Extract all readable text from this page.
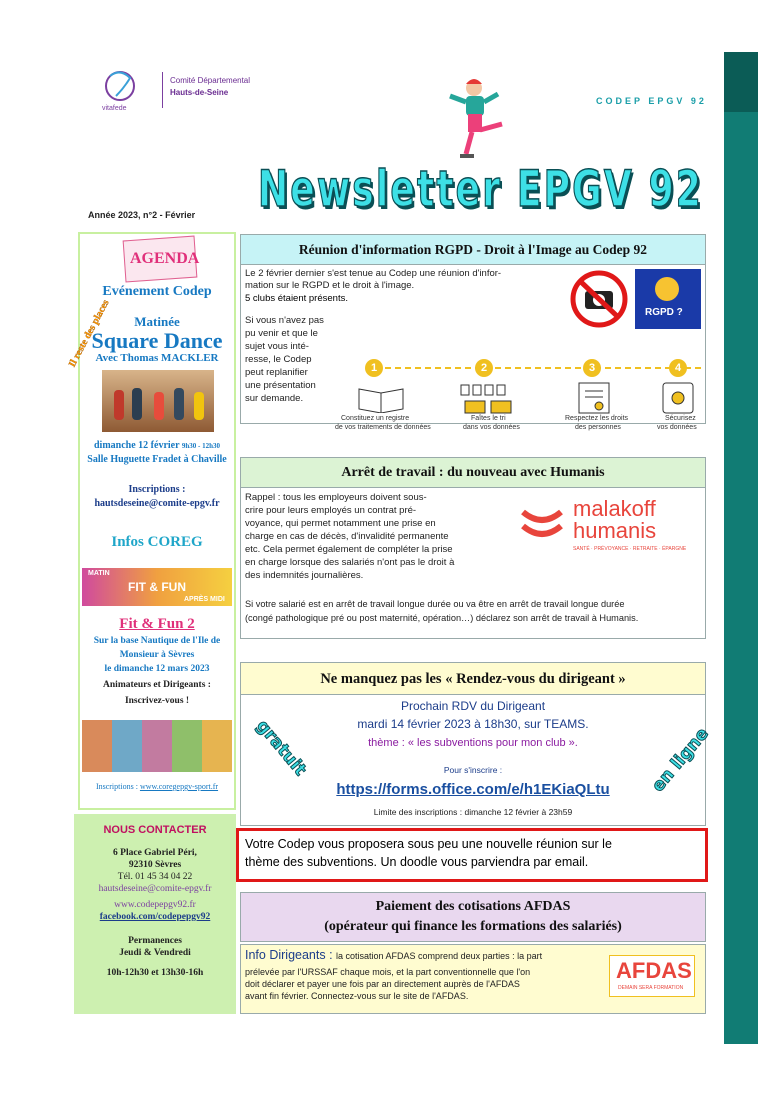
vitafede
Comité Départemental
Hauts-de-Seine
CODEP EPGV 92
Newsletter EPGV 92
Année 2023, n°2 - Février
AGENDA
Evénement Codep
Il reste des places	Matinée
Square Dance
Avec Thomas MACKLER
dimanche 12 février 9h30 - 12h30
Salle Huguette Fradet à Chaville
Inscriptions :
hautsdeseine@comite-epgv.fr
Infos COREG
MATIN
FIT & FUN
APRÈS MIDI
Fit & Fun 2
Sur la base Nautique de l'Ile de
Monsieur à Sèvres
le dimanche 12 mars 2023
Animateurs et Dirigeants :
Inscrivez-vous !
Inscriptions : www.coregepgv-sport.fr
NOUS CONTACTER
6 Place Gabriel Péri,
92310 Sèvres
Tél. 01 45 34 04 22
hautsdeseine@comite-epgv.fr
www.codepepgv92.fr
facebook.com/codepepgv92
Permanences
Jeudi & Vendredi
10h-12h30 et 13h30-16h
Réunion d'information RGPD - Droit à l'Image au Codep 92
Le 2 février dernier s'est tenue au Codep une réunion d'infor-
mation sur le RGPD et le droit à l'image.
5 clubs étaient présents.
Si vous n'avez pas
pu venir et que le
sujet vous inté-
resse, le Codep
peut replanifier
une présentation
sur demande.
RGPD ?
1
Constituez un registre
de vos traitements de données
2
Faîtes le tri
dans vos données
3
Respectez les droits
des personnes
4
Sécurisez
vos données
Arrêt de travail : du nouveau avec Humanis
Rappel : tous les employeurs doivent sous-
crire pour leurs employés un contrat pré-
voyance, qui permet notamment une prise en
charge en cas de décès, d'invalidité permanente
etc. Cela permet également de compléter la prise
en charge lorsque des salariés n'ont pas le droit à
des indemnités journalières.
Si votre salarié est en arrêt de travail longue durée ou va être en arrêt de travail longue durée
(congé pathologique pré ou post maternité, opération…) déclarez son arrêt de travail à Humanis.
malakoff
humanis
SANTÉ · PRÉVOYANCE · RETRAITE · ÉPARGNE
Ne manquez pas les « Rendez-vous du dirigeant »
Prochain RDV du Dirigeant
mardi 14 février 2023 à 18h30, sur TEAMS.
thème : « les subventions pour mon club ».
Pour s'inscrire :
https://forms.office.com/e/h1EKiaQLtu
Limite des inscriptions : dimanche 12 février à 23h59
gratuit	en ligne
Votre Codep vous proposera sous peu une nouvelle réunion sur le
thème des subventions. Un doodle vous parviendra par email.
Paiement des cotisations AFDAS
(opérateur qui finance les formations des salariés)
Info Dirigeants : la cotisation AFDAS comprend deux parties : la part
prélevée par l'URSSAF chaque mois, et la part conventionnelle que l'on
doit déclarer et payer une fois par an directement auprès de l'AFDAS
avant fin février. Connectez-vous sur le site de l'AFDAS.
AFDAS
DEMAIN SERA FORMATION
